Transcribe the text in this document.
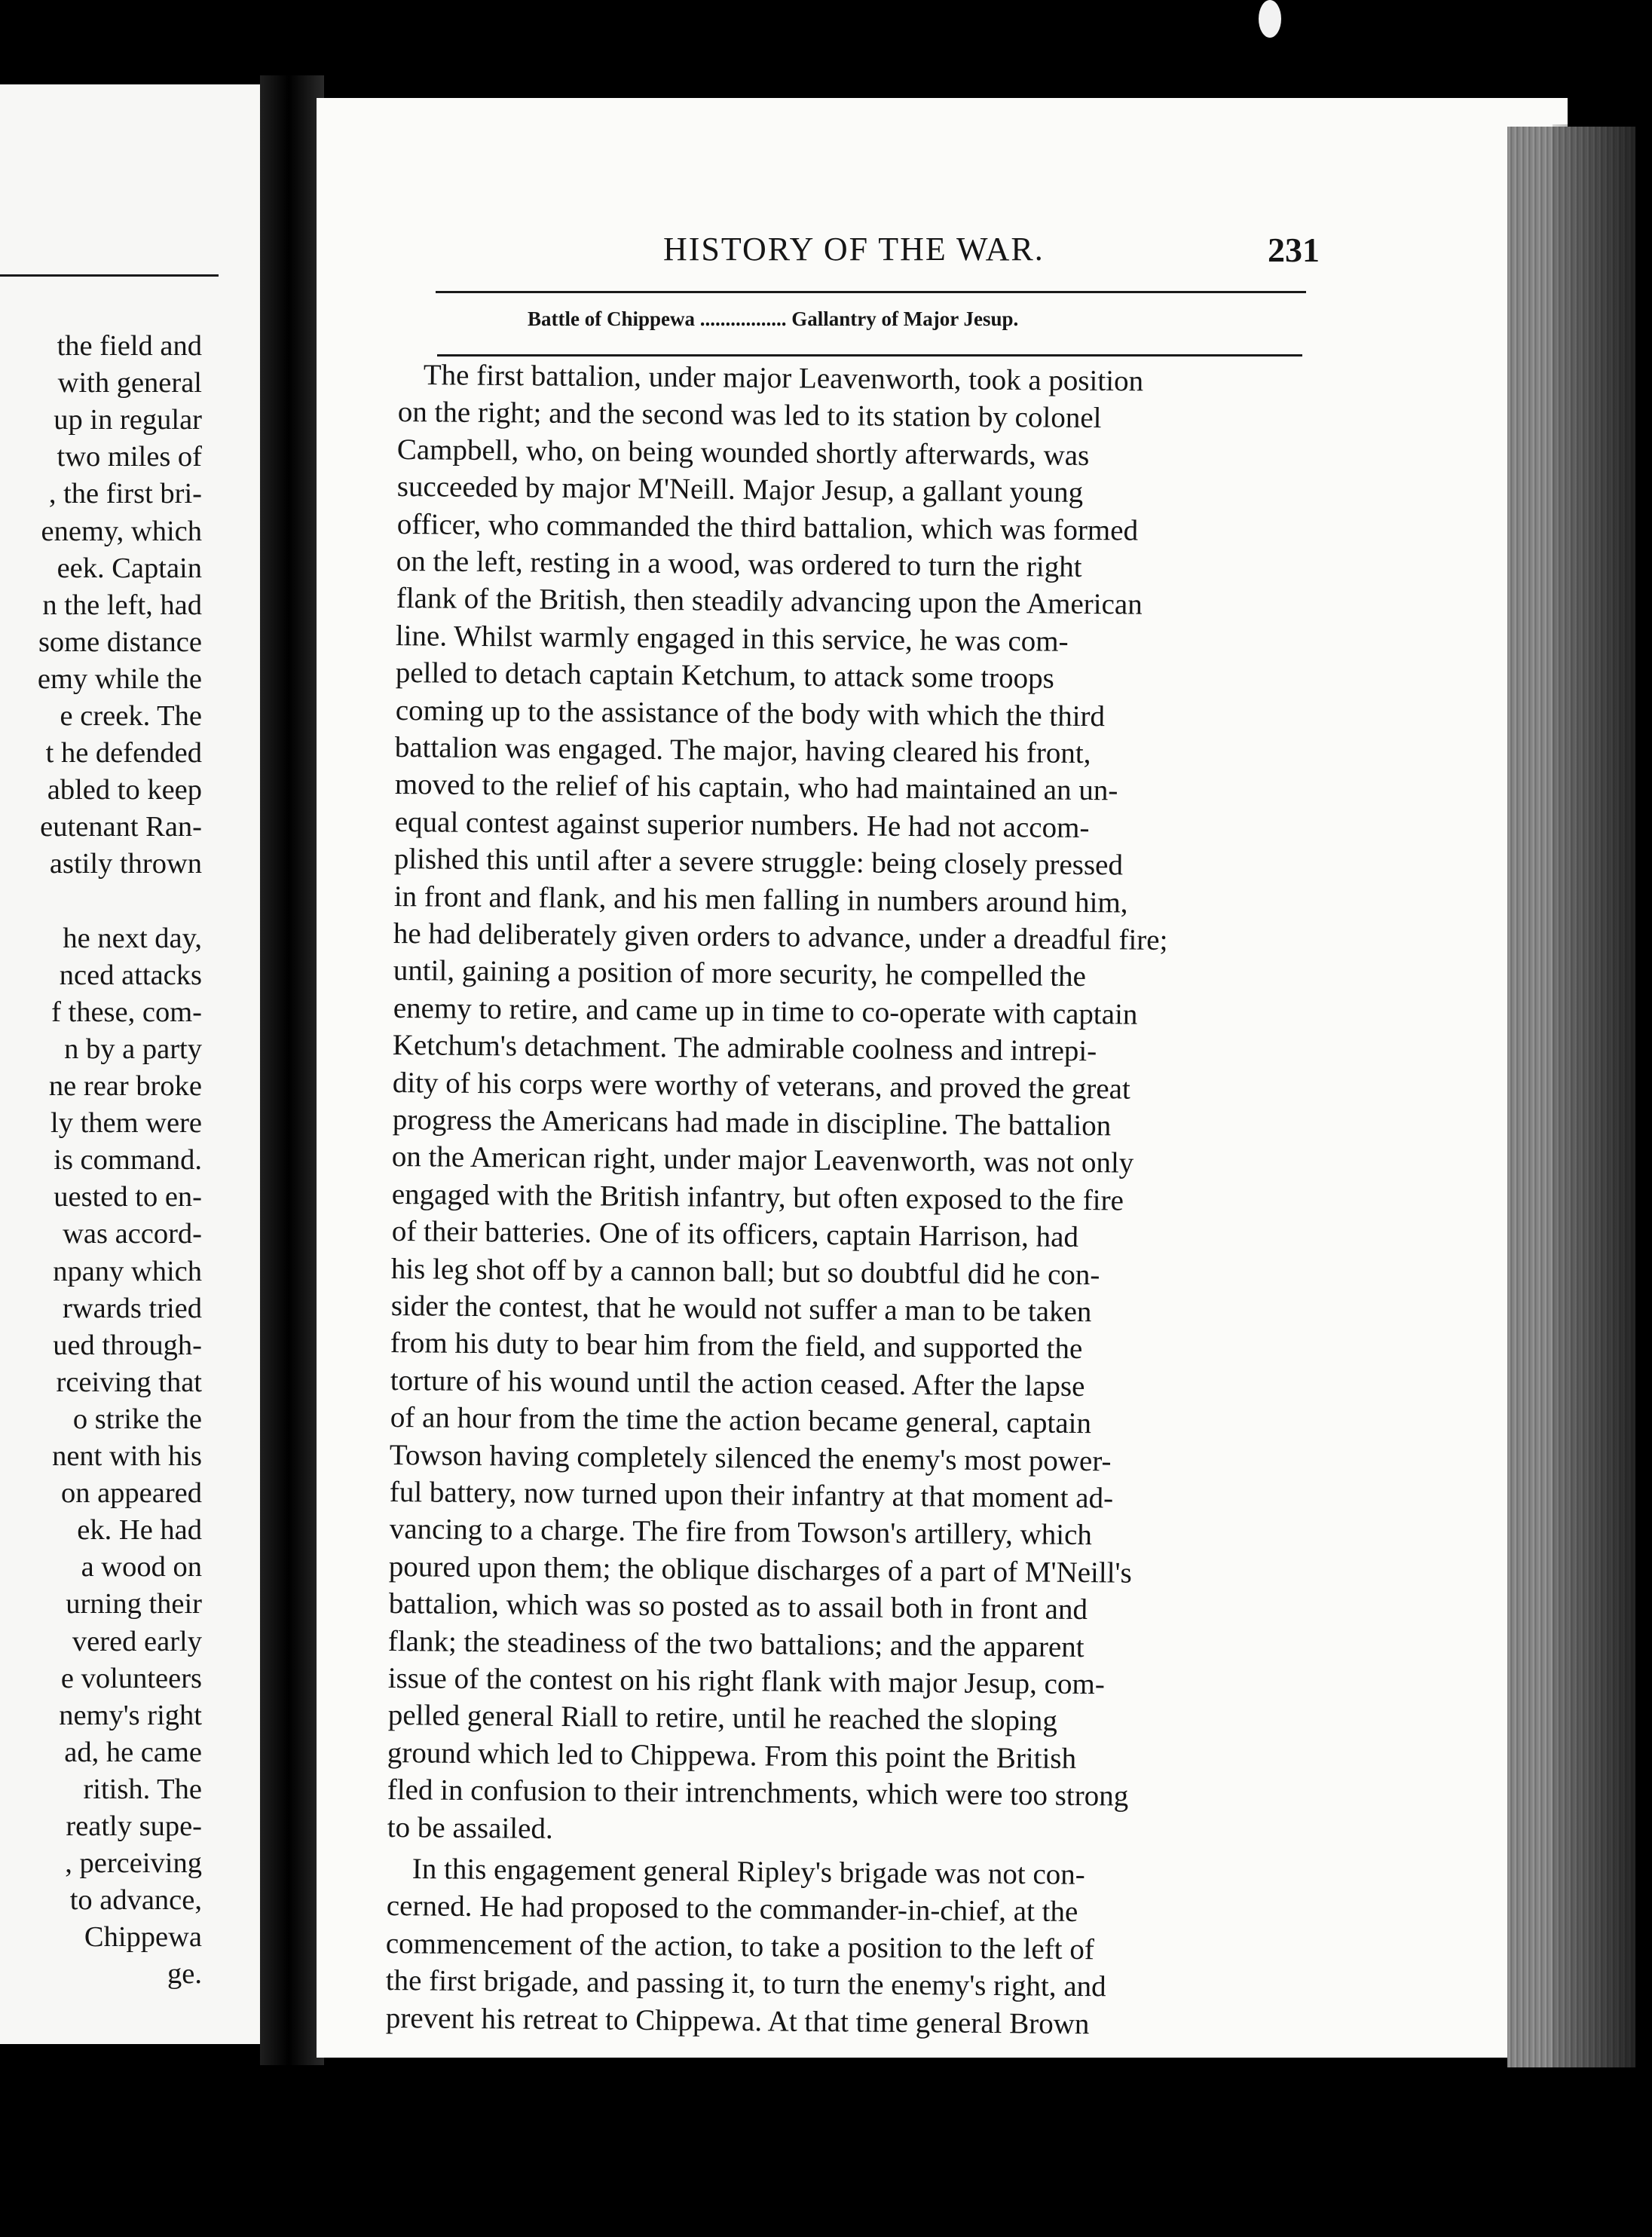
the field and
with general
up in regular
two miles of
, the first bri-
enemy, which
eek. Captain
n the left, had
some distance
emy while the
e creek. The
t he defended
abled to keep
eutenant Ran-
astily thrown
he next day,
nced attacks
f these, com-
n by a party
ne rear broke
ly them were
is command.
uested to en-
was accord-
npany which
rwards tried
ued through-
rceiving that
o strike the
nent with his
on appeared
ek. He had
a wood on
urning their
vered early
e volunteers
nemy's right
ad, he came
ritish. The
reatly supe-
, perceiving
to advance,
Chippewa
ge.
HISTORY OF THE WAR.	231
Battle of Chippewa ................. Gallantry of Major Jesup.
The first battalion, under major Leavenworth, took a position
on the right; and the second was led to its station by colonel
Campbell, who, on being wounded shortly afterwards, was
succeeded by major M'Neill. Major Jesup, a gallant young
officer, who commanded the third battalion, which was formed
on the left, resting in a wood, was ordered to turn the right
flank of the British, then steadily advancing upon the American
line. Whilst warmly engaged in this service, he was com-
pelled to detach captain Ketchum, to attack some troops
coming up to the assistance of the body with which the third
battalion was engaged. The major, having cleared his front,
moved to the relief of his captain, who had maintained an un-
equal contest against superior numbers. He had not accom-
plished this until after a severe struggle: being closely pressed
in front and flank, and his men falling in numbers around him,
he had deliberately given orders to advance, under a dreadful fire;
until, gaining a position of more security, he compelled the
enemy to retire, and came up in time to co-operate with captain
Ketchum's detachment. The admirable coolness and intrepi-
dity of his corps were worthy of veterans, and proved the great
progress the Americans had made in discipline. The battalion
on the American right, under major Leavenworth, was not only
engaged with the British infantry, but often exposed to the fire
of their batteries. One of its officers, captain Harrison, had
his leg shot off by a cannon ball; but so doubtful did he con-
sider the contest, that he would not suffer a man to be taken
from his duty to bear him from the field, and supported the
torture of his wound until the action ceased. After the lapse
of an hour from the time the action became general, captain
Towson having completely silenced the enemy's most power-
ful battery, now turned upon their infantry at that moment ad-
vancing to a charge. The fire from Towson's artillery, which
poured upon them; the oblique discharges of a part of M'Neill's
battalion, which was so posted as to assail both in front and
flank; the steadiness of the two battalions; and the apparent
issue of the contest on his right flank with major Jesup, com-
pelled general Riall to retire, until he reached the sloping
ground which led to Chippewa. From this point the British
fled in confusion to their intrenchments, which were too strong
to be assailed.
In this engagement general Ripley's brigade was not con-
cerned. He had proposed to the commander-in-chief, at the
commencement of the action, to take a position to the left of
the first brigade, and passing it, to turn the enemy's right, and
prevent his retreat to Chippewa. At that time general Brown
